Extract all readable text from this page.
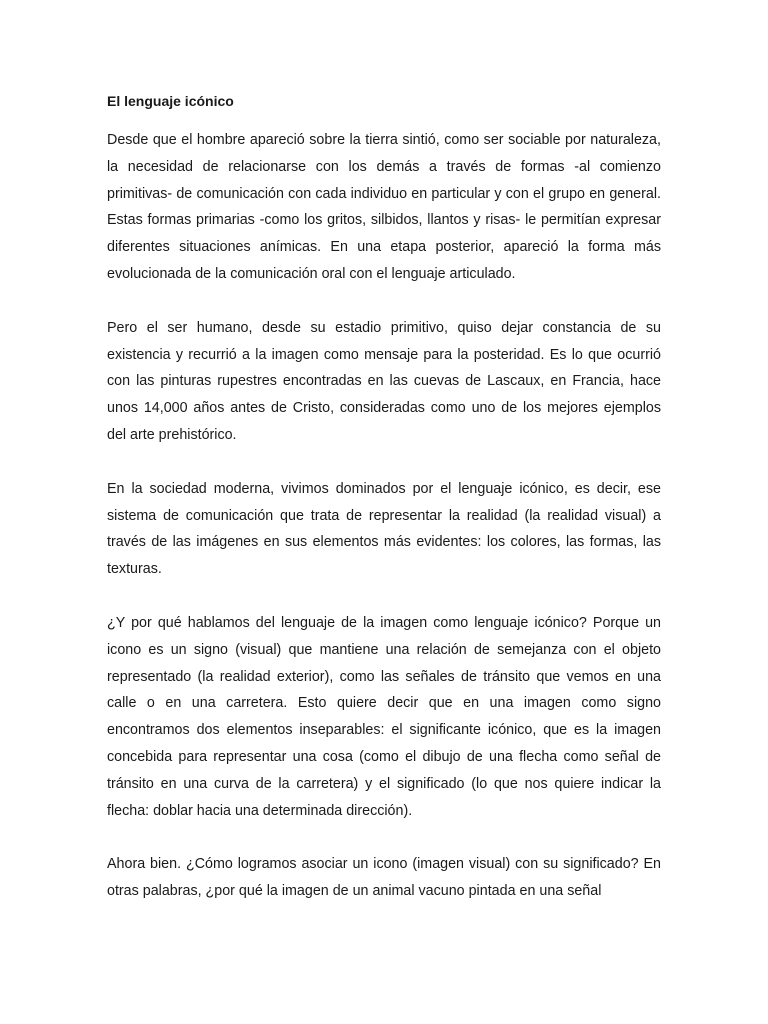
El lenguaje icónico

Desde que el hombre apareció sobre la tierra sintió, como ser sociable por naturaleza, la necesidad de relacionarse con los demás a través de formas -al comienzo primitivas- de comunicación con cada individuo en particular y con el grupo en general. Estas formas primarias -como los gritos, silbidos, llantos y risas- le permitían expresar diferentes situaciones anímicas. En una etapa posterior, apareció la forma más evolucionada de la comunicación oral con el lenguaje articulado.

Pero el ser humano, desde su estadio primitivo, quiso dejar constancia de su existencia y recurrió a la imagen como mensaje para la posteridad. Es lo que ocurrió con las pinturas rupestres encontradas en las cuevas de Lascaux, en Francia, hace unos 14,000 años antes de Cristo, consideradas como uno de los mejores ejemplos del arte prehistórico.

En la sociedad moderna, vivimos dominados por el lenguaje icónico, es decir, ese sistema de comunicación que trata de representar la realidad (la realidad visual) a través de las imágenes en sus elementos más evidentes: los colores, las formas, las texturas.

¿Y por qué hablamos del lenguaje de la imagen como lenguaje icónico? Porque un icono es un signo (visual) que mantiene una relación de semejanza con el objeto representado (la realidad exterior), como las señales de tránsito que vemos en una calle o en una carretera. Esto quiere decir que en una imagen como signo encontramos dos elementos inseparables: el significante icónico, que es la imagen concebida para representar una cosa (como el dibujo de una flecha como señal de tránsito en una curva de la carretera) y el significado (lo que nos quiere indicar la flecha: doblar hacia una determinada dirección).

Ahora bien. ¿Cómo logramos asociar un icono (imagen visual) con su significado? En otras palabras, ¿por qué la imagen de un animal vacuno pintada en una señal
